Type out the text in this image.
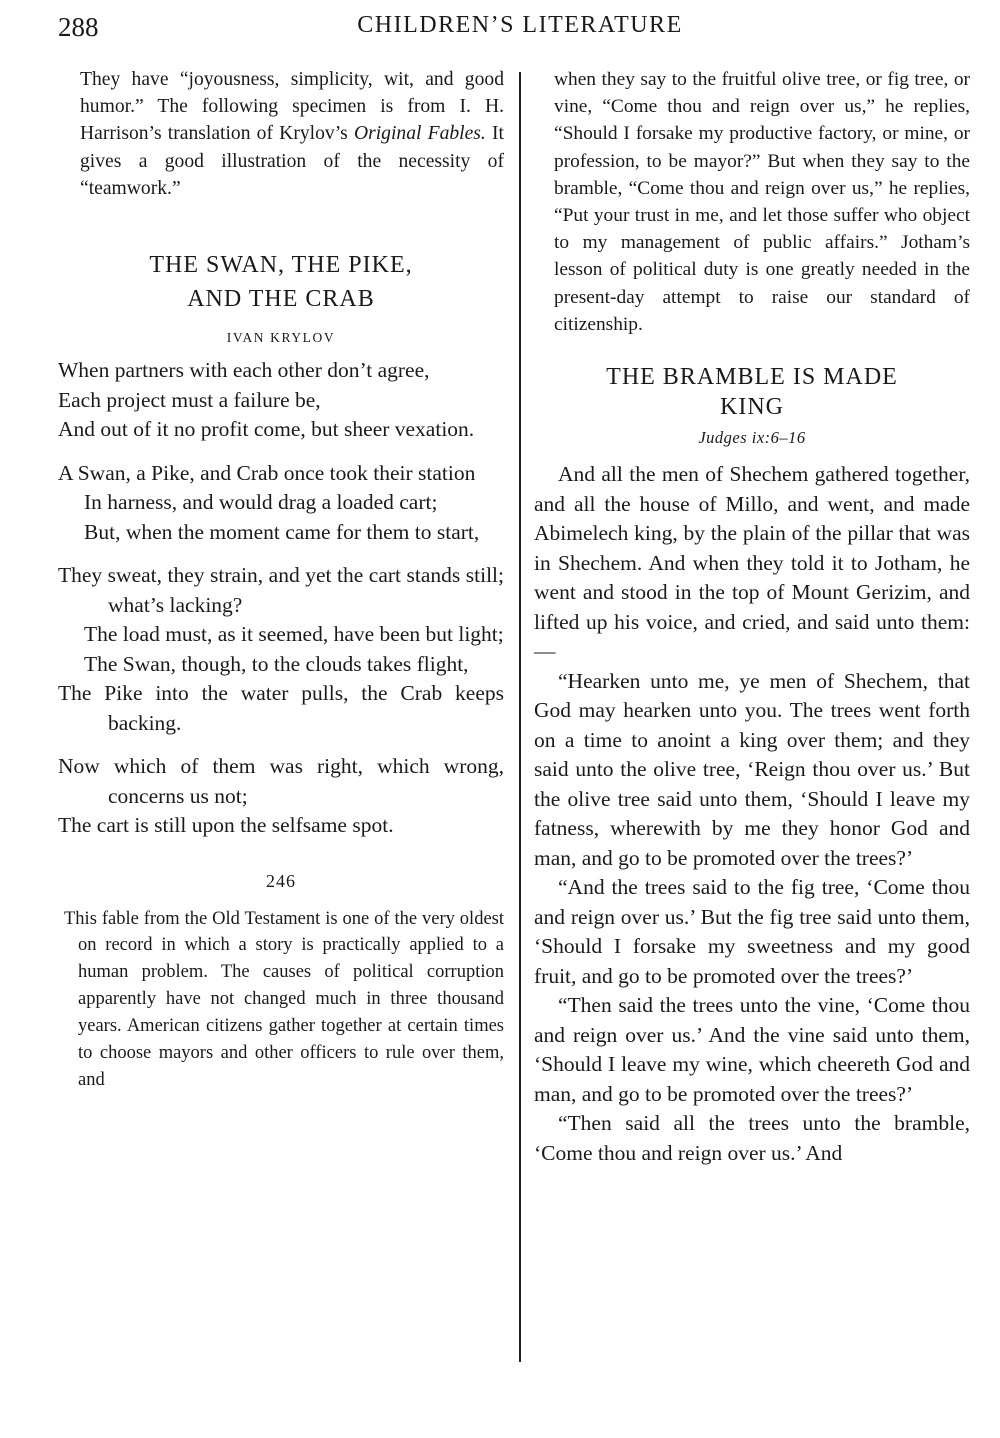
288	CHILDREN’S LITERATURE

They have “joyousness, simplicity, wit, and good humor.” The following specimen is from I. H. Harrison’s translation of Krylov’s Original Fables. It gives a good illustration of the necessity of “teamwork.”

THE SWAN, THE PIKE,
AND THE CRAB
IVAN KRYLOV
When partners with each other don’t agree,
Each project must a failure be,
And out of it no profit come, but sheer vexation.
A Swan, a Pike, and Crab once took their station
In harness, and would drag a loaded cart;
But, when the moment came for them to start,
They sweat, they strain, and yet the cart stands still; what’s lacking?
The load must, as it seemed, have been but light;
The Swan, though, to the clouds takes flight,
The Pike into the water pulls, the Crab keeps backing.
Now which of them was right, which wrong, concerns us not;
The cart is still upon the selfsame spot.
246

This fable from the Old Testament is one of the very oldest on record in which a story is practically applied to a human problem. The causes of political corruption apparently have not changed much in three thousand years. American citizens gather together at certain times to choose mayors and other officers to rule over them, and

when they say to the fruitful olive tree, or fig tree, or vine, “Come thou and reign over us,” he replies, “Should I forsake my productive factory, or mine, or profession, to be mayor?” But when they say to the bramble, “Come thou and reign over us,” he replies, “Put your trust in me, and let those suffer who object to my management of public affairs.” Jotham’s lesson of political duty is one greatly needed in the present-day attempt to raise our standard of citizenship.

THE BRAMBLE IS MADE
KING
Judges ix:6–16

And all the men of Shechem gathered together, and all the house of Millo, and went, and made Abimelech king, by the plain of the pillar that was in Shechem. And when they told it to Jotham, he went and stood in the top of Mount Gerizim, and lifted up his voice, and cried, and said unto them:—

“Hearken unto me, ye men of Shechem, that God may hearken unto you. The trees went forth on a time to anoint a king over them; and they said unto the olive tree, ‘Reign thou over us.’ But the olive tree said unto them, ‘Should I leave my fatness, wherewith by me they honor God and man, and go to be promoted over the trees?’

“And the trees said to the fig tree, ‘Come thou and reign over us.’ But the fig tree said unto them, ‘Should I forsake my sweetness and my good fruit, and go to be promoted over the trees?’

“Then said the trees unto the vine, ‘Come thou and reign over us.’ And the vine said unto them, ‘Should I leave my wine, which cheereth God and man, and go to be promoted over the trees?’

“Then said all the trees unto the bramble, ‘Come thou and reign over us.’ And
